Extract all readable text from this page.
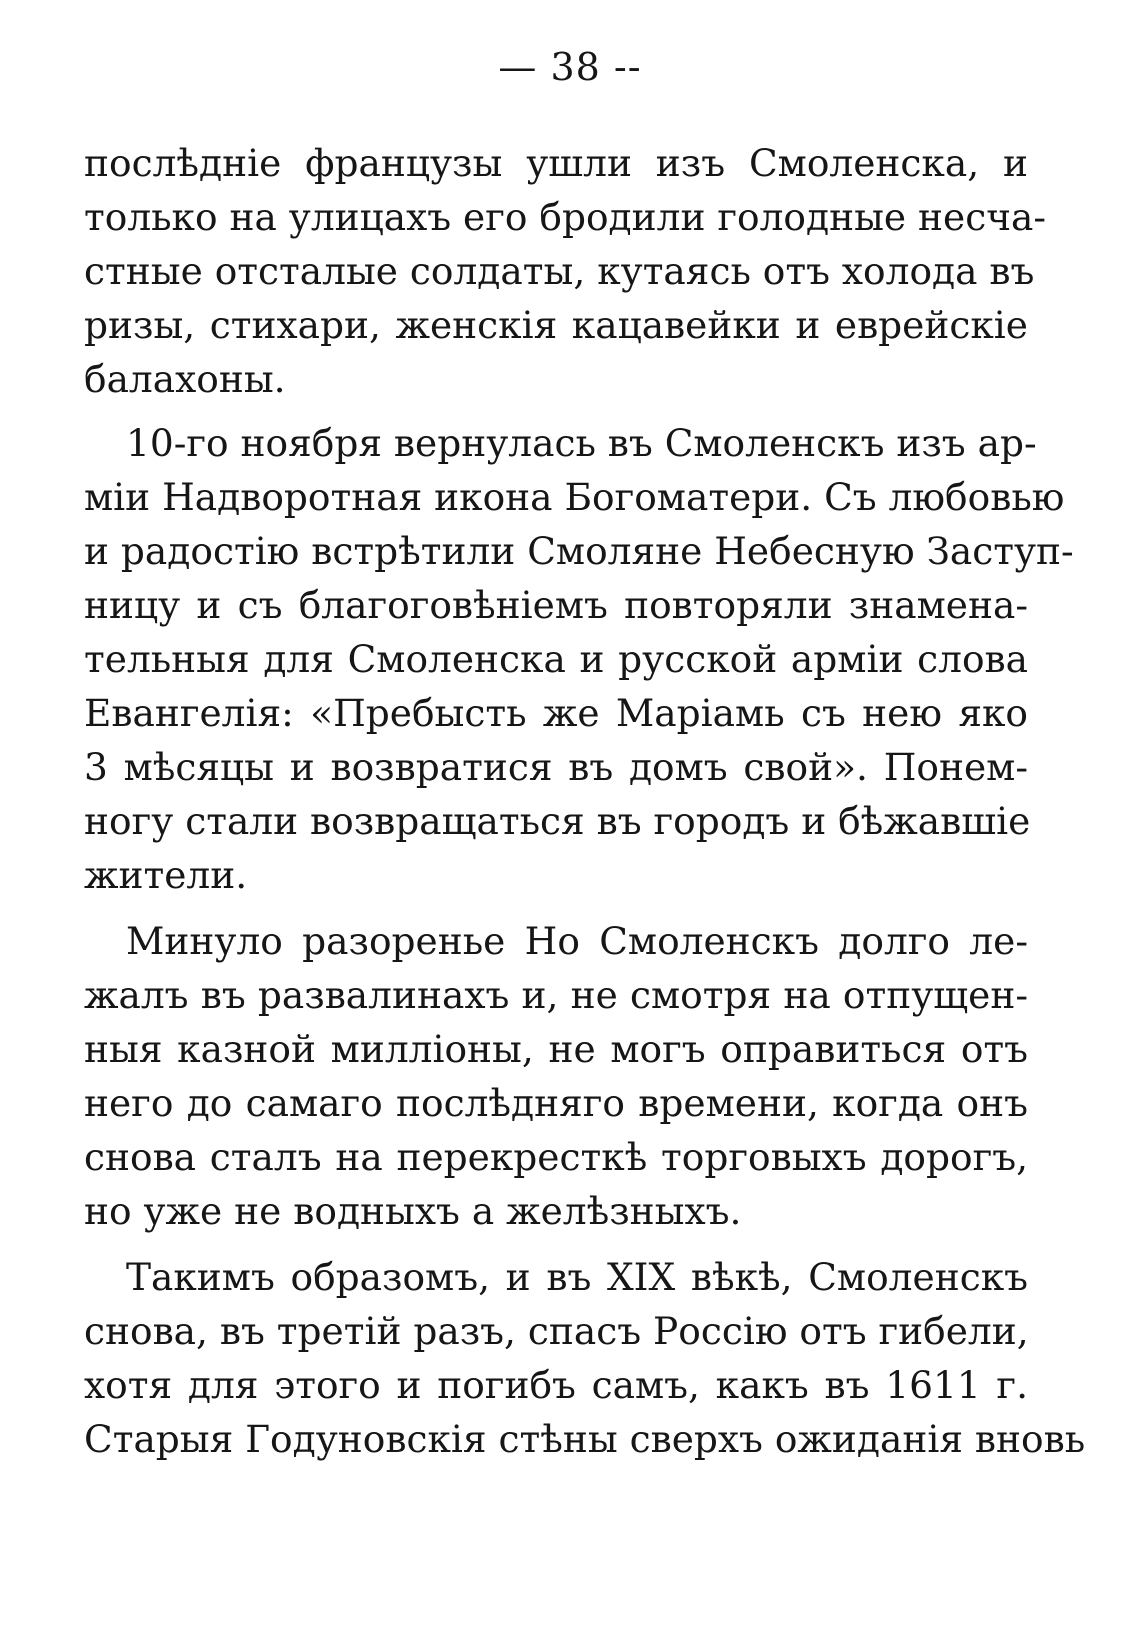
— 38 --
послѣдніе французы ушли изъ Смоленска, и
только на улицахъ его бродили голодные несча-
стные отсталые солдаты, кутаясь отъ холода въ
ризы, стихари, женскія кацавейки и еврейскіе
балахоны.
10-го ноября вернулась въ Смоленскъ изъ ар-
міи Надворотная икона Богоматери. Съ любовью
и радостію встрѣтили Смоляне Небесную Заступ-
ницу и съ благоговѣніемъ повторяли знамена-
тельныя для Смоленска и русской арміи слова
Евангелія: «Пребысть же Маріамь съ нею яко
3 мѣсяцы и возвратися въ домъ свой». Понем-
ногу стали возвращаться въ городъ и бѣжавшіе
жители.
Минуло разоренье Но Смоленскъ долго ле-
жалъ въ развалинахъ и, не смотря на отпущен-
ныя казной милліоны, не могъ оправиться отъ
него до самаго послѣдняго времени, когда онъ
снова сталъ на перекресткѣ торговыхъ дорогъ,
но уже не водныхъ а желѣзныхъ.
Такимъ образомъ, и въ XIX вѣкѣ, Смоленскъ
снова, въ третій разъ, спасъ Россію отъ гибели,
хотя для этого и погибъ самъ, какъ въ 1611 г.
Старыя Годуновскія стѣны сверхъ ожиданія вновь
